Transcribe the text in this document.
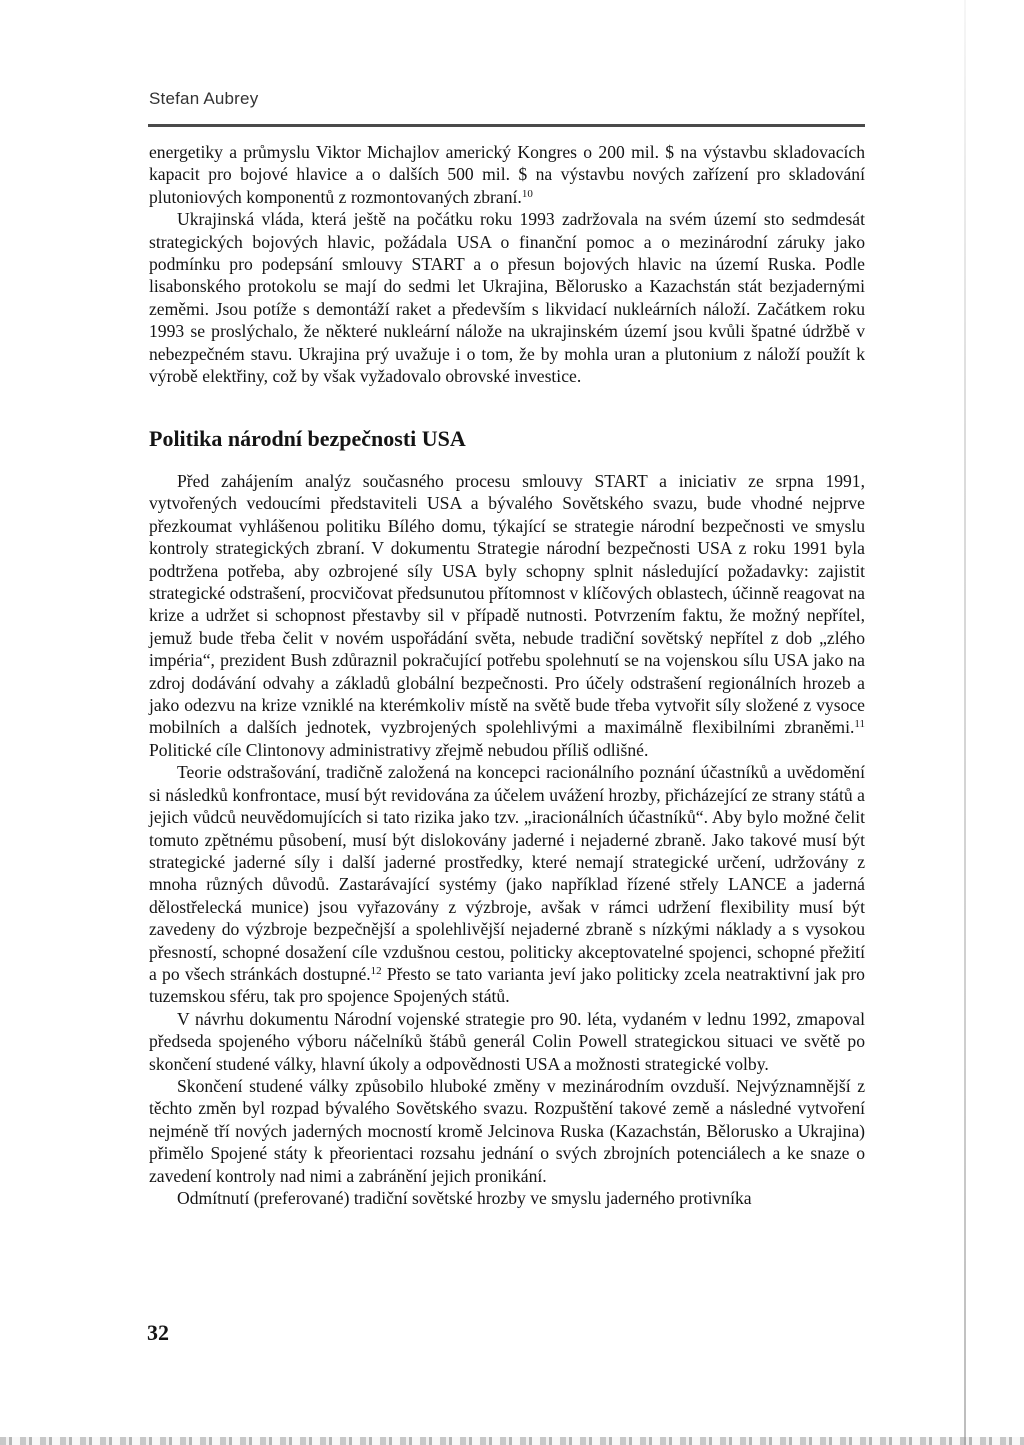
Stefan Aubrey

energetiky a průmyslu Viktor Michajlov americký Kongres o 200 mil. $ na výstavbu skladovacích kapacit pro bojové hlavice a o dalších 500 mil. $ na výstavbu nových zařízení pro skladování plutoniových komponentů z rozmontovaných zbraní.$^{10}$

Ukrajinská vláda, která ještě na počátku roku 1993 zadržovala na svém území sto sedmdesát strategických bojových hlavic, požádala USA o finanční pomoc a o mezinárodní záruky jako podmínku pro podepsání smlouvy START a o přesun bojových hlavic na území Ruska. Podle lisabonského protokolu se mají do sedmi let Ukrajina, Bělorusko a Kazachstán stát bezjadernými zeměmi. Jsou potíže s demontáží raket a především s likvidací nukleárních náloží. Začátkem roku 1993 se proslýchalo, že některé nukleární nálože na ukrajinském území jsou kvůli špatné údržbě v nebezpečném stavu. Ukrajina prý uvažuje i o tom, že by mohla uran a plutonium z náloží použít k výrobě elektřiny, což by však vyžadovalo obrovské investice.

Politika národní bezpečnosti USA

Před zahájením analýz současného procesu smlouvy START a iniciativ ze srpna 1991, vytvořených vedoucími představiteli USA a bývalého Sovětského svazu, bude vhodné nejprve přezkoumat vyhlášenou politiku Bílého domu, týkající se strategie národní bezpečnosti ve smyslu kontroly strategických zbraní. V dokumentu Strategie národní bezpečnosti USA z roku 1991 byla podtržena potřeba, aby ozbrojené síly USA byly schopny splnit následující požadavky: zajistit strategické odstrašení, procvičovat předsunutou přítomnost v klíčových oblastech, účinně reagovat na krize a udržet si schopnost přestavby sil v případě nutnosti. Potvrzením faktu, že možný nepřítel, jemuž bude třeba čelit v novém uspořádání světa, nebude tradiční sovětský nepřítel z dob „zlého impéria“, prezident Bush zdůraznil pokračující potřebu spolehnutí se na vojenskou sílu USA jako na zdroj dodávání odvahy a základů globální bezpečnosti. Pro účely odstrašení regionálních hrozeb a jako odezvu na krize vzniklé na kterémkoliv místě na světě bude třeba vytvořit síly složené z vysoce mobilních a dalších jednotek, vyzbrojených spolehlivými a maximálně flexibilními zbraněmi.$^{11}$ Politické cíle Clintonovy administrativy zřejmě nebudou příliš odlišné.

Teorie odstrašování, tradičně založená na koncepci racionálního poznání účastníků a uvědomění si následků konfrontace, musí být revidována za účelem uvážení hrozby, přicházející ze strany států a jejich vůdců neuvědomujících si tato rizika jako tzv. „iracionálních účastníků“. Aby bylo možné čelit tomuto zpětnému působení, musí být dislokovány jaderné i nejaderné zbraně. Jako takové musí být strategické jaderné síly i další jaderné prostředky, které nemají strategické určení, udržovány z mnoha různých důvodů. Zastarávající systémy (jako například řízené střely LANCE a jaderná dělostřelecká munice) jsou vyřazovány z výzbroje, avšak v rámci udržení flexibility musí být zavedeny do výzbroje bezpečnější a spolehlivější nejaderné zbraně s nízkými náklady a s vysokou přesností, schopné dosažení cíle vzdušnou cestou, politicky akceptovatelné spojenci, schopné přežití a po všech stránkách dostupné.$^{12}$ Přesto se tato varianta jeví jako politicky zcela neatraktivní jak pro tuzemskou sféru, tak pro spojence Spojených států.

V návrhu dokumentu Národní vojenské strategie pro 90. léta, vydaném v lednu 1992, zmapoval předseda spojeného výboru náčelníků štábů generál Colin Powell strategickou situaci ve světě po skončení studené války, hlavní úkoly a odpovědnosti USA a možnosti strategické volby.

Skončení studené války způsobilo hluboké změny v mezinárodním ovzduší. Nejvýznamnější z těchto změn byl rozpad bývalého Sovětského svazu. Rozpuštění takové země a následné vytvoření nejméně tří nových jaderných mocností kromě Jelcinova Ruska (Kazachstán, Bělorusko a Ukrajina) přimělo Spojené státy k přeorientaci rozsahu jednání o svých zbrojních potenciálech a ke snaze o zavedení kontroly nad nimi a zabránění jejich pronikání.

Odmítnutí (preferované) tradiční sovětské hrozby ve smyslu jaderného protivníka

32
